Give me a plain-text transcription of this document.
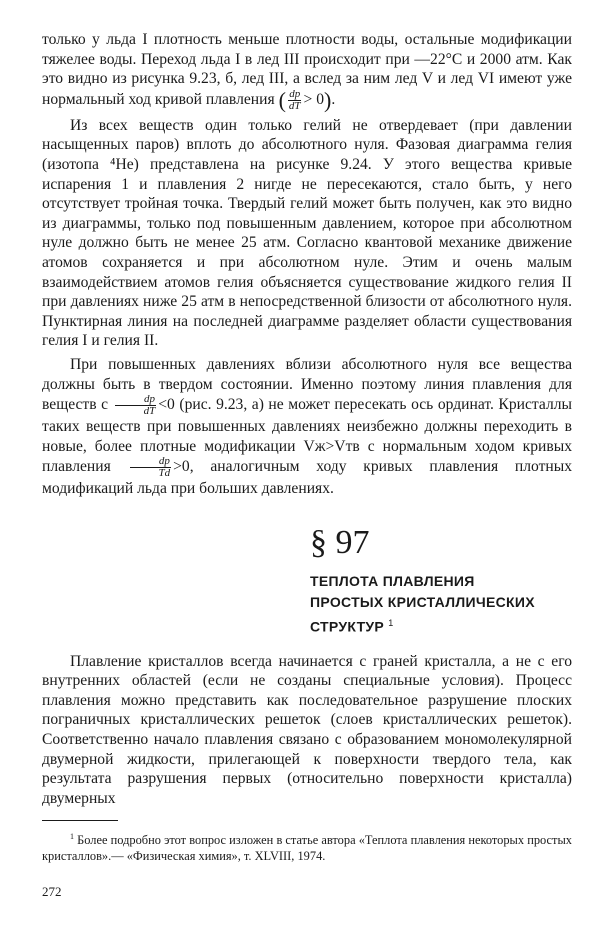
только у льда I плотность меньше плотности воды, остальные модификации тяжелее воды. Переход льда I в лед III происходит при —22°C и 2000 атм. Как это видно из рисунка 9.23, б, лед III, а вслед за ним лед V и лед VI имеют уже нормальный ход кривой плавления ( $\frac{dp}{dT} > 0$).

Из всех веществ один только гелий не отвердевает (при давлении насыщенных паров) вплоть до абсолютного нуля. Фазовая диаграмма гелия (изотопа ⁴He) представлена на рисунке 9.24. У этого вещества кривые испарения 1 и плавления 2 нигде не пересекаются, стало быть, у него отсутствует тройная точка. Твердый гелий может быть получен, как это видно из диаграммы, только под повышенным давлением, которое при абсолютном нуле должно быть не менее 25 атм. Согласно квантовой механике движение атомов сохраняется и при абсолютном нуле. Этим и очень малым взаимодействием атомов гелия объясняется существование жидкого гелия II при давлениях ниже 25 атм в непосредственной близости от абсолютного нуля. Пунктирная линия на последней диаграмме разделяет области существования гелия I и гелия II.

При повышенных давлениях вблизи абсолютного нуля все вещества должны быть в твердом состоянии. Именно поэтому линия плавления для веществ с $\frac{dp}{dT} <0$ (рис. 9.23, а) не может пересекать ось ординат. Кристаллы таких веществ при повышенных давлениях неизбежно должны переходить в новые, более плотные модификации Vж>Vтв с нормальным ходом кривых плавления $\frac{dp}{Td} >0$, аналогичным ходу кривых плавления плотных модификаций льда при больших давлениях.

§ 97

ТЕПЛОТА ПЛАВЛЕНИЯ

ПРОСТЫХ КРИСТАЛЛИЧЕСКИХ

СТРУКТУР $^1$

Плавление кристаллов всегда начинается с граней кристалла, а не с его внутренних областей (если не созданы специальные условия). Процесс плавления можно представить как последовательное разрушение плоских пограничных кристаллических решеток (слоев кристаллических решеток). Соответственно начало плавления связано с образованием мономолекулярной двумерной жидкости, прилегающей к поверхности твердого тела, как результата разрушения первых (относительно поверхности кристалла) двумерных

$^1$ Более подробно этот вопрос изложен в статье автора «Теплота плавления некоторых простых кристаллов».— «Физическая химия», т. XLVIII, 1974.

272
